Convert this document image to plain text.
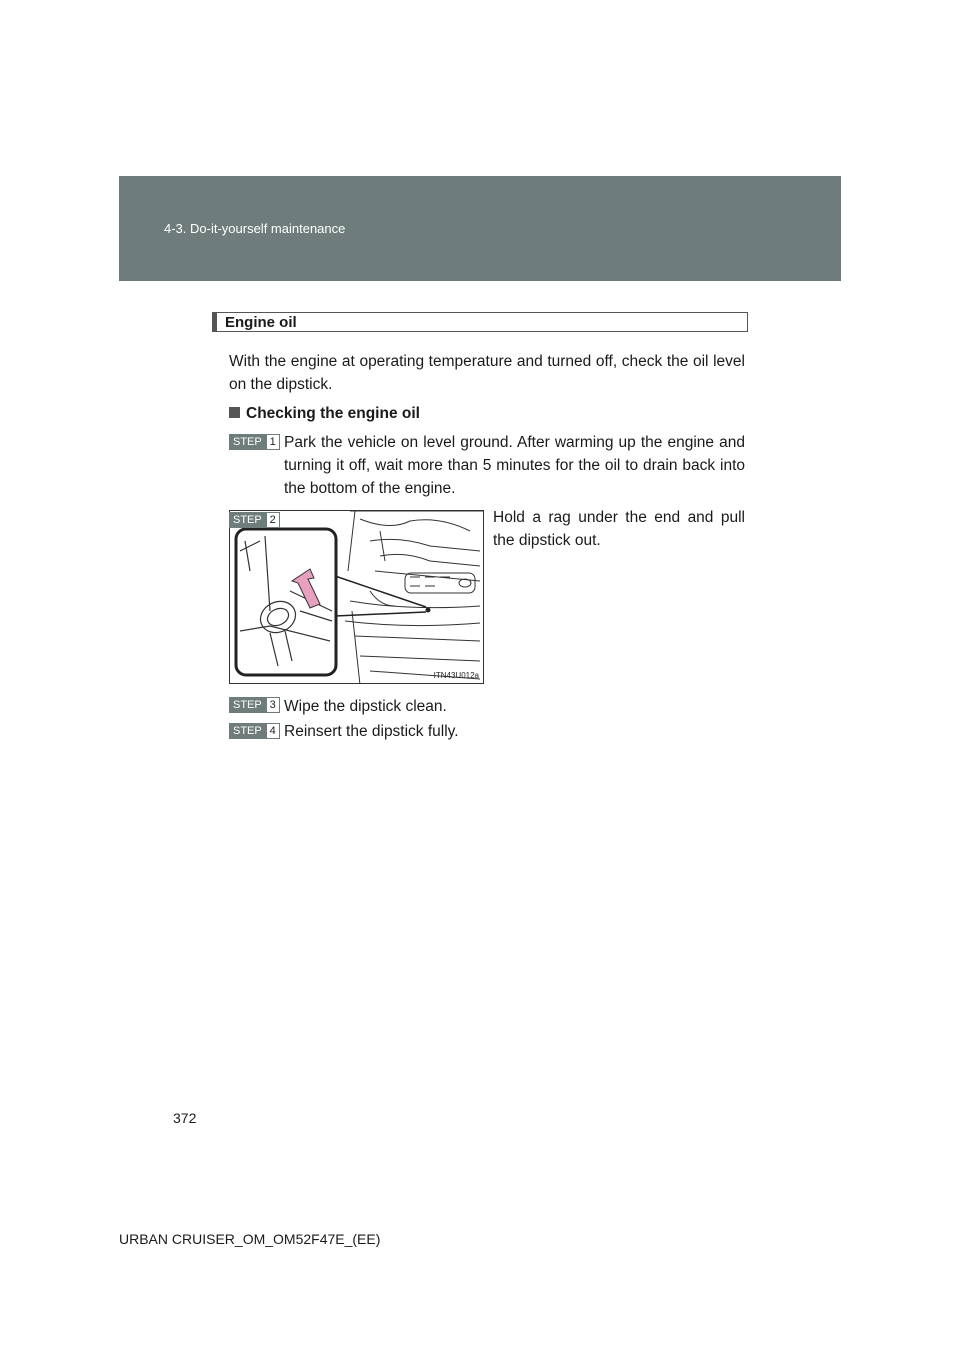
4-3. Do-it-yourself maintenance
Engine oil
With the engine at operating temperature and turned off, check the oil level on the dipstick.
Checking the engine oil
STEP 1 Park the vehicle on level ground. After warming up the engine and turning it off, wait more than 5 minutes for the oil to drain back into the bottom of the engine.
STEP 2	Hold a rag under the end and pull the dipstick out.
ITN43U012a
STEP 3 Wipe the dipstick clean.
STEP 4 Reinsert the dipstick fully.
372
URBAN CRUISER_OM_OM52F47E_(EE)
